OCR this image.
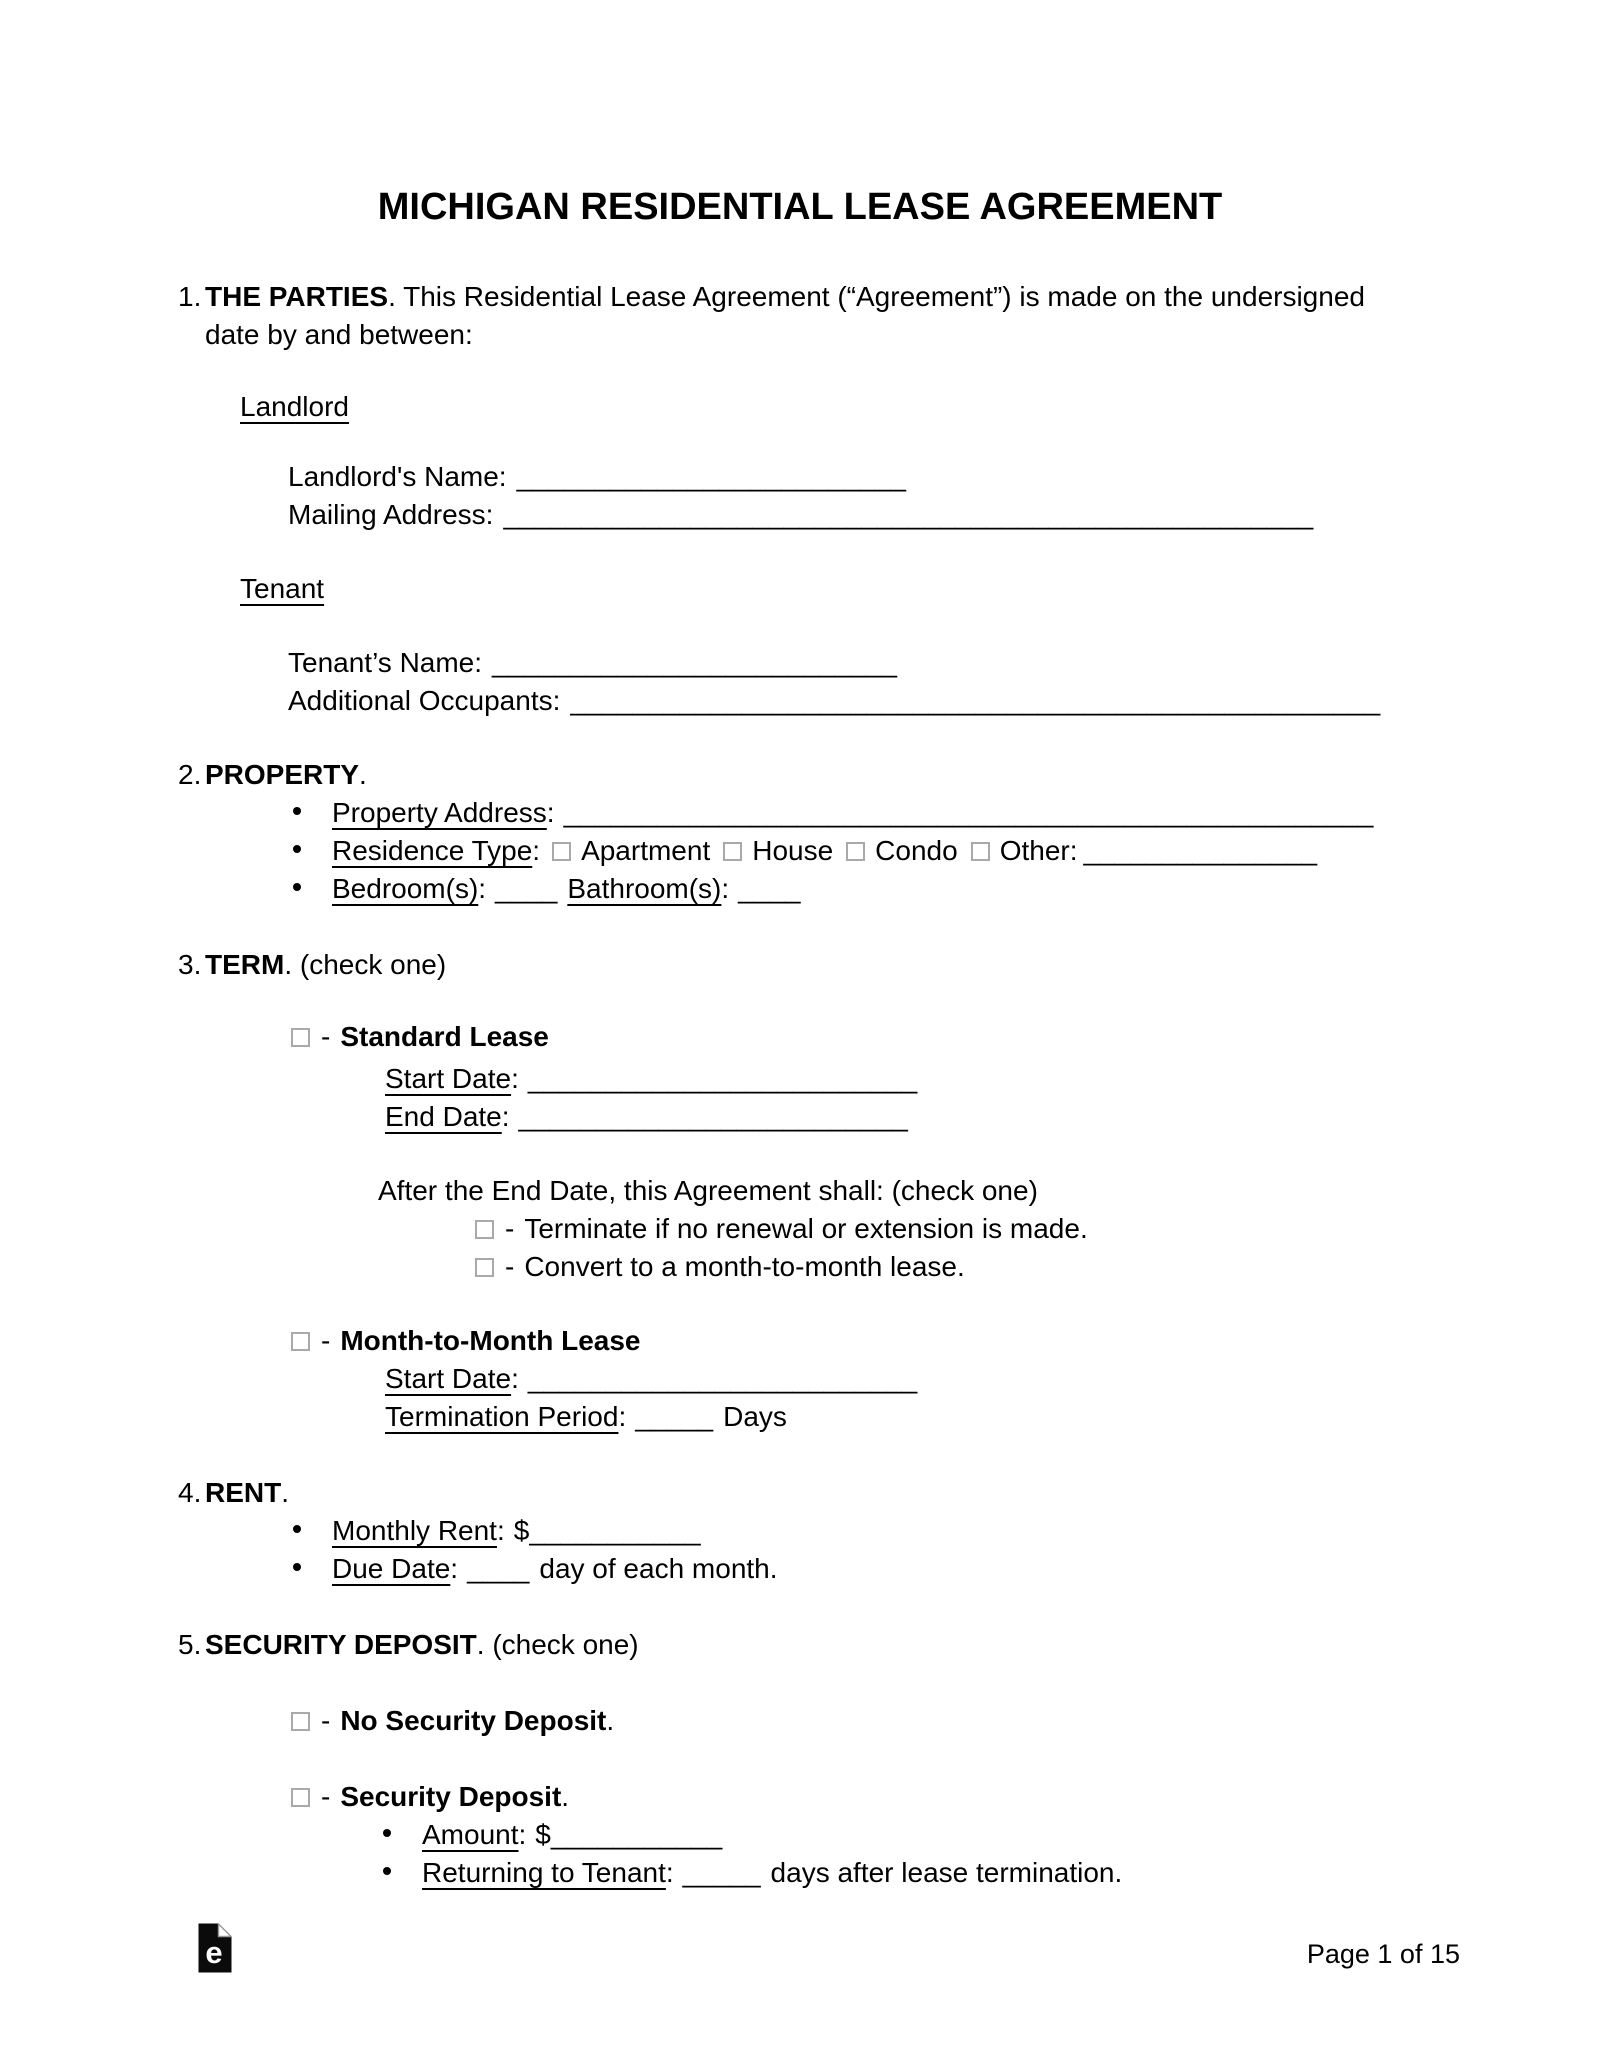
MICHIGAN RESIDENTIAL LEASE AGREEMENT
1. THE PARTIES. This Residential Lease Agreement (“Agreement”) is made on the undersigned date by and between:
Landlord
Landlord's Name: _________________________
Mailing Address: ____________________________________________________
Tenant
Tenant’s Name: __________________________
Additional Occupants: ____________________________________________________
2. PROPERTY.
Property Address: ____________________________________________________
Residence Type: Apartment House Condo Other: _______________
Bedroom(s): ____ Bathroom(s): ____
3. TERM. (check one)
- Standard Lease
Start Date: _________________________
End Date: _________________________
After the End Date, this Agreement shall: (check one)
- Terminate if no renewal or extension is made.
- Convert to a month-to-month lease.
- Month-to-Month Lease
Start Date: _________________________
Termination Period: _____ Days
4. RENT.
Monthly Rent: $___________
Due Date: ____ day of each month.
5. SECURITY DEPOSIT. (check one)
- No Security Deposit.
- Security Deposit.
Amount: $___________
Returning to Tenant: _____ days after lease termination.
e	Page 1 of 15
